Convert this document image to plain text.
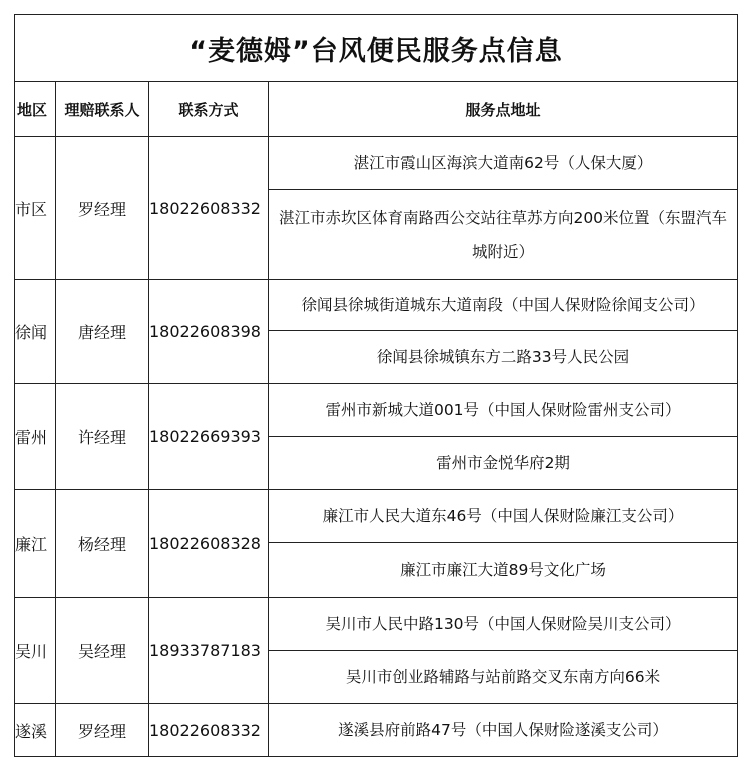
“麦德姆”台风便民服务点信息			
地区	理赔联系人	联系方式	服务点地址
市区	罗经理	18022608332	湛江市霞山区海滨大道南62号（人保大厦）
			湛江市赤坎区体育南路西公交站往草苏方向200米位置（东盟汽车城附近）
徐闻	唐经理	18022608398	徐闻县徐城街道城东大道南段（中国人保财险徐闻支公司）
			徐闻县徐城镇东方二路33号人民公园
雷州	许经理	18022669393	雷州市新城大道001号（中国人保财险雷州支公司）
			雷州市金悦华府2期
廉江	杨经理	18022608328	廉江市人民大道东46号（中国人保财险廉江支公司）
			廉江市廉江大道89号文化广场
吴川	吴经理	18933787183	吴川市人民中路130号（中国人保财险吴川支公司）
			吴川市创业路辅路与站前路交叉东南方向66米
遂溪	罗经理	18022608332	遂溪县府前路47号（中国人保财险遂溪支公司）
